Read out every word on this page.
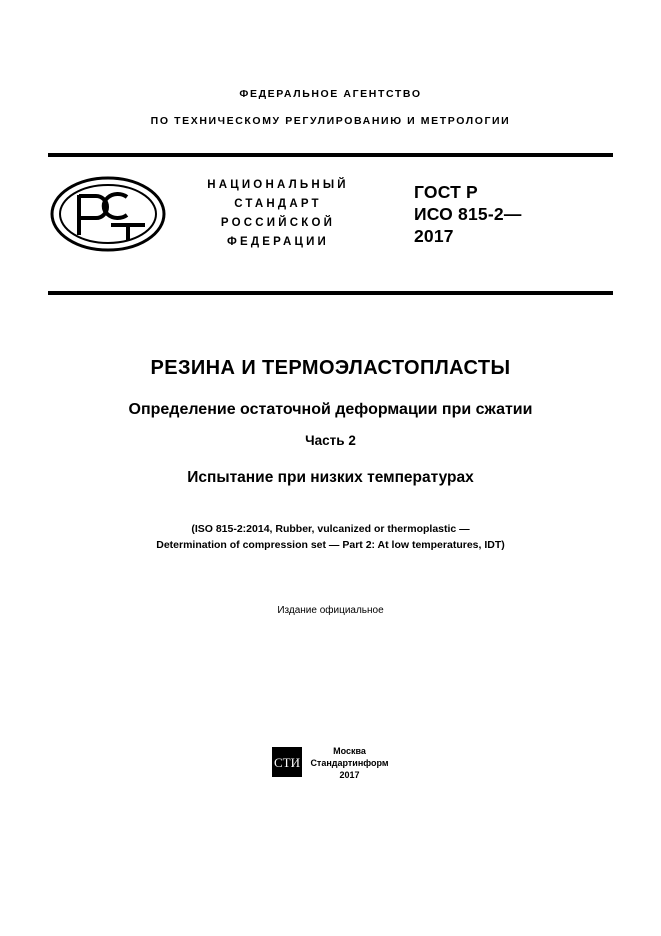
ФЕДЕРАЛЬНОЕ АГЕНТСТВО
ПО ТЕХНИЧЕСКОМУ РЕГУЛИРОВАНИЮ И МЕТРОЛОГИИ
НАЦИОНАЛЬНЫЙ
СТАНДАРТ
РОССИЙСКОЙ
ФЕДЕРАЦИИ
ГОСТ Р
ИСО 815-2—
2017
РЕЗИНА И ТЕРМОЭЛАСТОПЛАСТЫ
Определение остаточной деформации при сжатии
Часть 2
Испытание при низких температурах
(ISO 815-2:2014, Rubber, vulcanized or thermoplastic —
Determination of compression set — Part 2: At low temperatures, IDT)
Издание официальное
СТИ
Москва
Стандартинформ
2017
